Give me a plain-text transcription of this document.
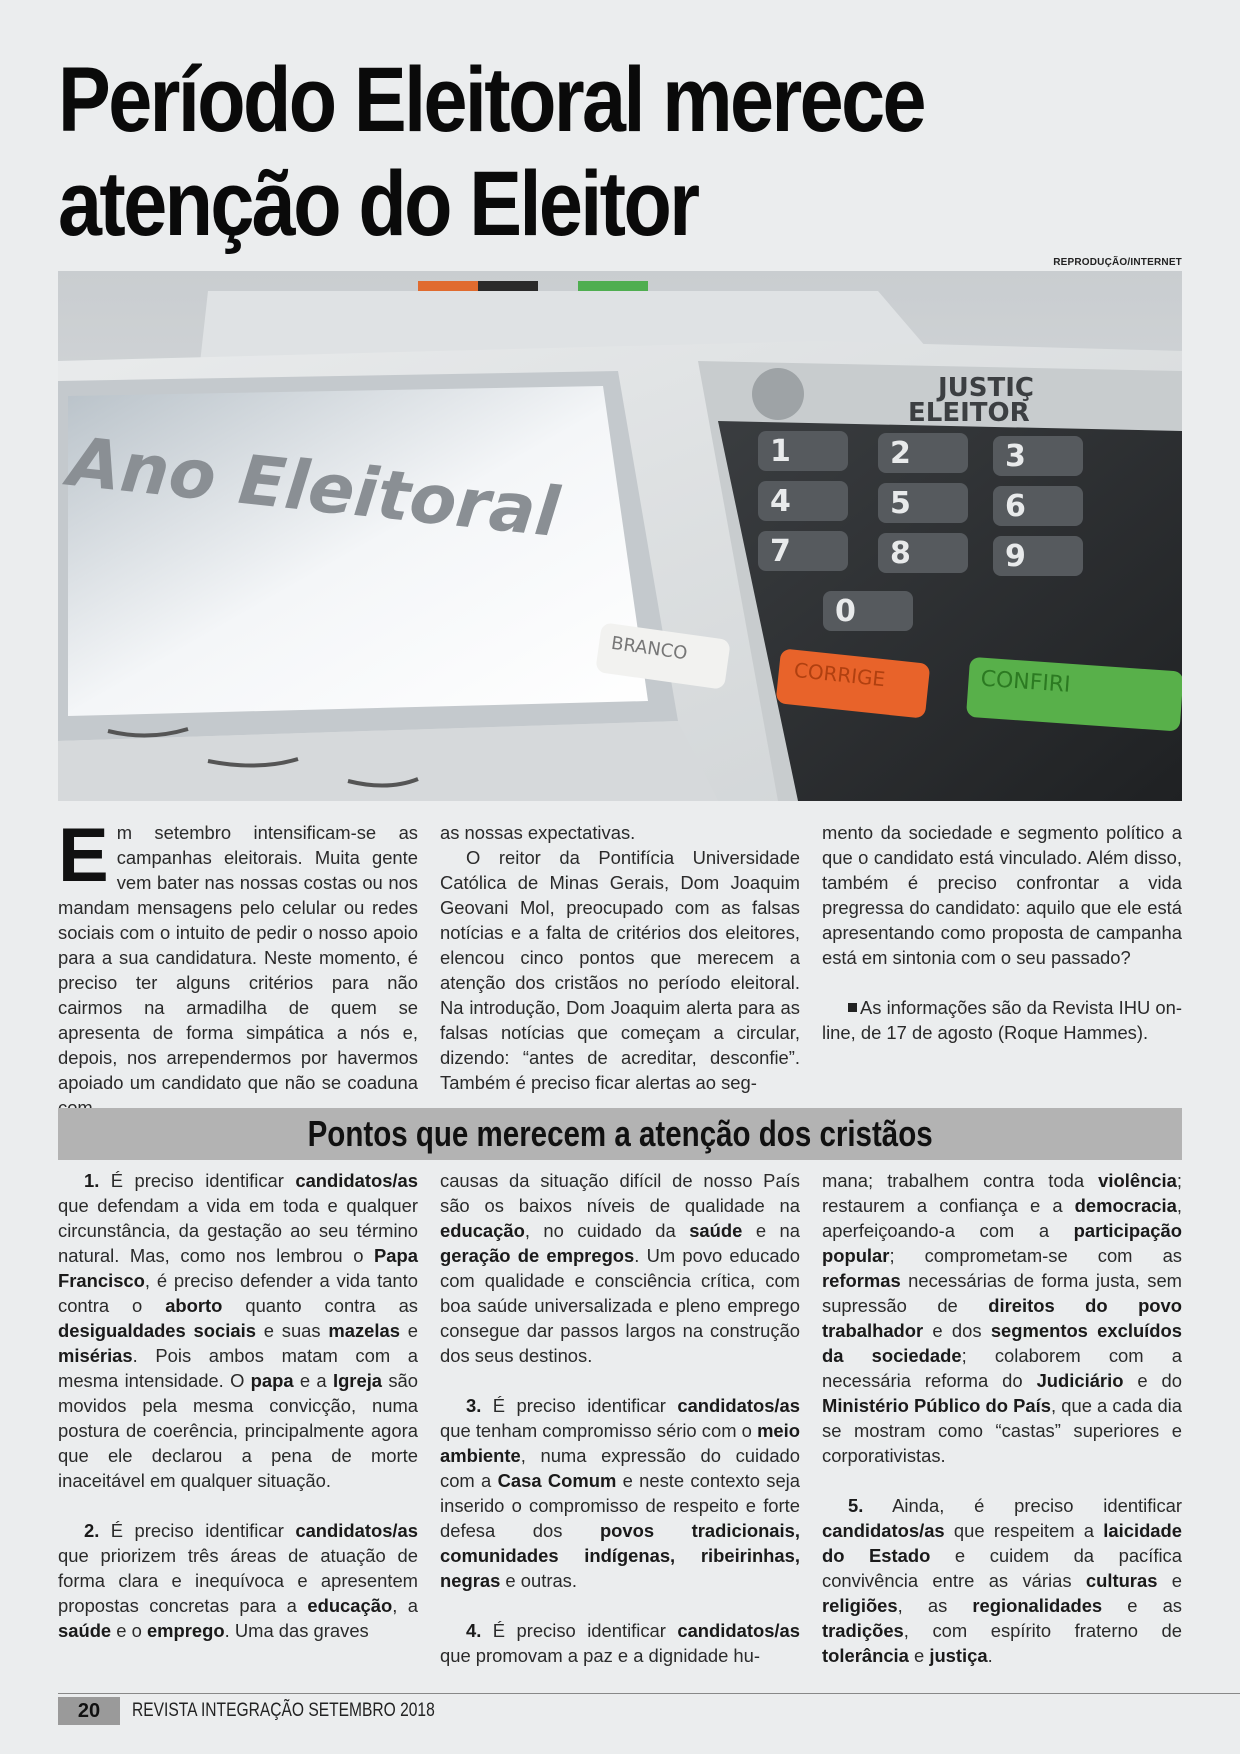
Período Eleitoral merece
atenção do Eleitor
REPRODUÇÃO/INTERNET
Ano Eleitoral
JUSTIÇ
ELEITOR
1	2	3
4	5	6
7	8	9
0
BRANCO
CORRIGE	CONFIRI

Em setembro intensificam-se as campanhas eleitorais. Muita gente vem bater nas nossas costas ou nos mandam mensagens pelo celular ou redes sociais com o intuito de pedir o nosso apoio para a sua candidatura. Neste momento, é preciso ter alguns critérios para não cairmos na armadilha de quem se apresenta de forma simpática a nós e, depois, nos arrependermos por havermos apoiado um candidato que não se coaduna

as nossas expectativas.

O reitor da Pontifícia Universidade Católica de Minas Gerais, Dom Joaquim Geovani Mol, preocupado com as falsas notícias e a falta de critérios dos eleitores, elencou cinco pontos que merecem a atenção dos cristãos no período eleitoral. Na introdução, Dom Joaquim alerta para as falsas notícias que começam a circular, dizendo: “antes de acreditar, desconfie”. Também é preciso ficar alertas ao seg-

mento da sociedade e segmento político a que o candidato está vinculado. Além disso, também é preciso confrontar a vida pregressa do candidato: aquilo que ele está apresentando como proposta de campanha está em sintonia com o seu passado?

As informações são da Revista IHU on-line, de 17 de agosto (Roque Hammes).

Pontos que merecem a atenção dos cristãos

1. É preciso identificar candidatos/as que defendam a vida em toda e qualquer circunstância, da gestação ao seu término natural. Mas, como nos lembrou o Papa Francisco, é preciso defender a vida tanto contra o aborto quanto contra as desigualdades sociais e suas mazelas e misérias. Pois ambos matam com a mesma intensidade. O papa e a Igreja são movidos pela mesma convicção, numa postura de coerência, principalmente agora que ele declarou a pena de morte inaceitável em qualquer situação.

2. É preciso identificar candidatos/as que priorizem três áreas de atuação de forma clara e inequívoca e apresentem propostas concretas para a educação, a saúde e o emprego. Uma das graves

causas da situação difícil de nosso País são os baixos níveis de qualidade na educação, no cuidado da saúde e na geração de empregos. Um povo educado com qualidade e consciência crítica, com boa saúde universalizada e pleno emprego consegue dar passos largos na construção dos seus destinos.

3. É preciso identificar candidatos/as que tenham compromisso sério com o meio ambiente, numa expressão do cuidado com a Casa Comum e neste contexto seja inserido o compromisso de respeito e forte defesa dos povos tradicionais, comunidades indígenas, ribeirinhas, negras e outras.

4. É preciso identificar candidatos/as que promovam a paz e a dignidade hu-

mana; trabalhem contra toda violência; restaurem a confiança e a democracia, aperfeiçoando-a com a participação popular; comprometam-se com as reformas necessárias de forma justa, sem supressão de direitos do povo trabalhador e dos segmentos excluídos da sociedade; colaborem com a necessária reforma do Judiciário e do Ministério Público do País, que a cada dia se mostram como “castas” superiores e corporativistas.

5. Ainda, é preciso identificar candidatos/as que respeitem a laicidade do Estado e cuidem da pacífica convivência entre as várias culturas e religiões, as regionalidades e as tradições, com espírito fraterno de tolerância e justiça.

20	REVISTA INTEGRAÇÃO SETEMBRO 2018
